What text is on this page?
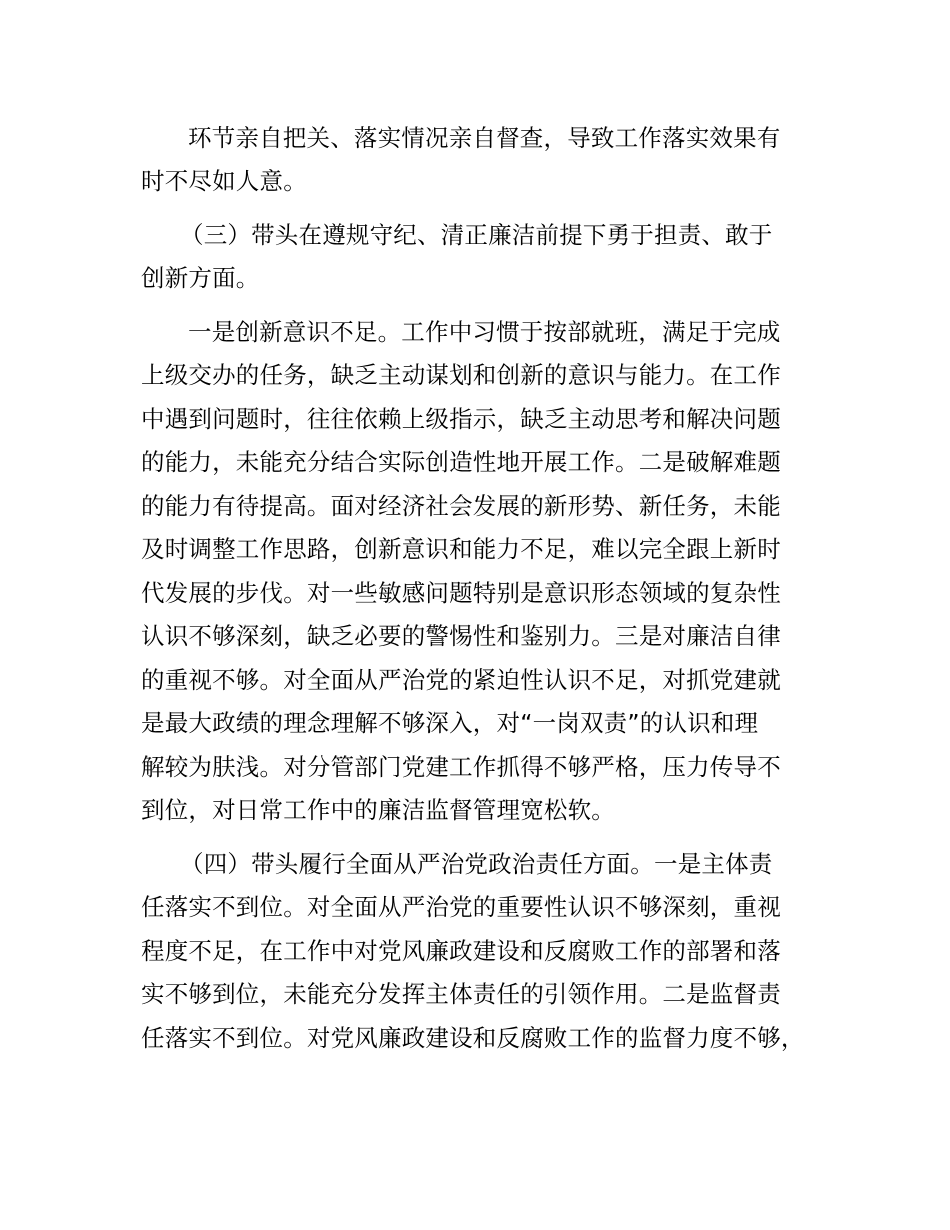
环节亲自把关、落实情况亲自督查，导致工作落实效果有
时不尽如人意。
（三）带头在遵规守纪、清正廉洁前提下勇于担责、敢于
创新方面。
一是创新意识不足。工作中习惯于按部就班，满足于完成
上级交办的任务，缺乏主动谋划和创新的意识与能力。在工作
中遇到问题时，往往依赖上级指示，缺乏主动思考和解决问题
的能力，未能充分结合实际创造性地开展工作。二是破解难题
的能力有待提高。面对经济社会发展的新形势、新任务，未能
及时调整工作思路，创新意识和能力不足，难以完全跟上新时
代发展的步伐。对一些敏感问题特别是意识形态领域的复杂性
认识不够深刻，缺乏必要的警惕性和鉴别力。三是对廉洁自律
的重视不够。对全面从严治党的紧迫性认识不足，对抓党建就
是最大政绩的理念理解不够深入，对“一岗双责”的认识和理
解较为肤浅。对分管部门党建工作抓得不够严格，压力传导不
到位，对日常工作中的廉洁监督管理宽松软。
（四）带头履行全面从严治党政治责任方面。一是主体责
任落实不到位。对全面从严治党的重要性认识不够深刻，重视
程度不足，在工作中对党风廉政建设和反腐败工作的部署和落
实不够到位，未能充分发挥主体责任的引领作用。二是监督责
任落实不到位。对党风廉政建设和反腐败工作的监督力度不够，
